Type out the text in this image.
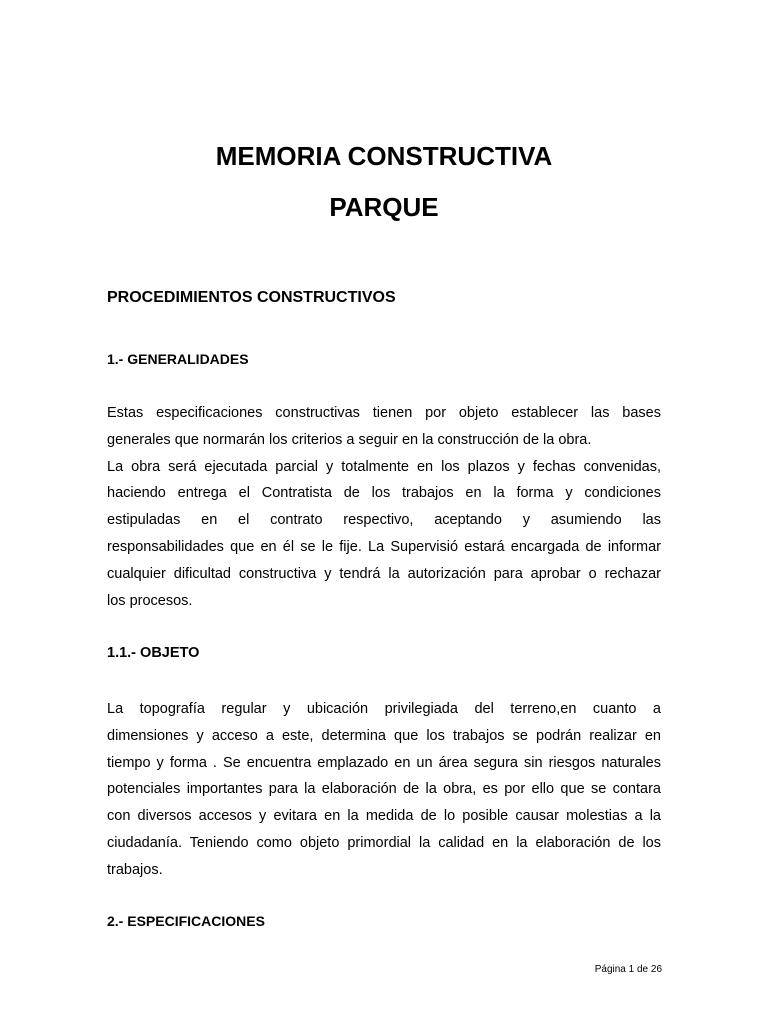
MEMORIA CONSTRUCTIVA
PARQUE
PROCEDIMIENTOS CONSTRUCTIVOS
1.- GENERALIDADES

Estas especificaciones constructivas tienen por objeto establecer las bases
generales que normarán los criterios a seguir en la construcción de la obra.
La obra será ejecutada parcial y totalmente en los plazos y fechas convenidas,
haciendo entrega el Contratista de los trabajos en la forma y condiciones
estipuladas en el contrato respectivo, aceptando y asumiendo las
responsabilidades que en él se le fije. La Supervisió estará encargada de informar
cualquier dificultad constructiva y tendrá la autorización para aprobar o rechazar
los procesos.

1.1.- OBJETO

La topografía regular y ubicación privilegiada del terreno,en cuanto a
dimensiones y acceso a este, determina que los trabajos se podrán realizar en
tiempo y forma . Se encuentra emplazado en un área segura sin riesgos naturales
potenciales importantes para la elaboración de la obra, es por ello que se contara
con diversos accesos y evitara en la medida de lo posible causar molestias a la
ciudadanía. Teniendo como objeto primordial la calidad en la elaboración de los
trabajos.

2.- ESPECIFICACIONES
Página 1 de 26
